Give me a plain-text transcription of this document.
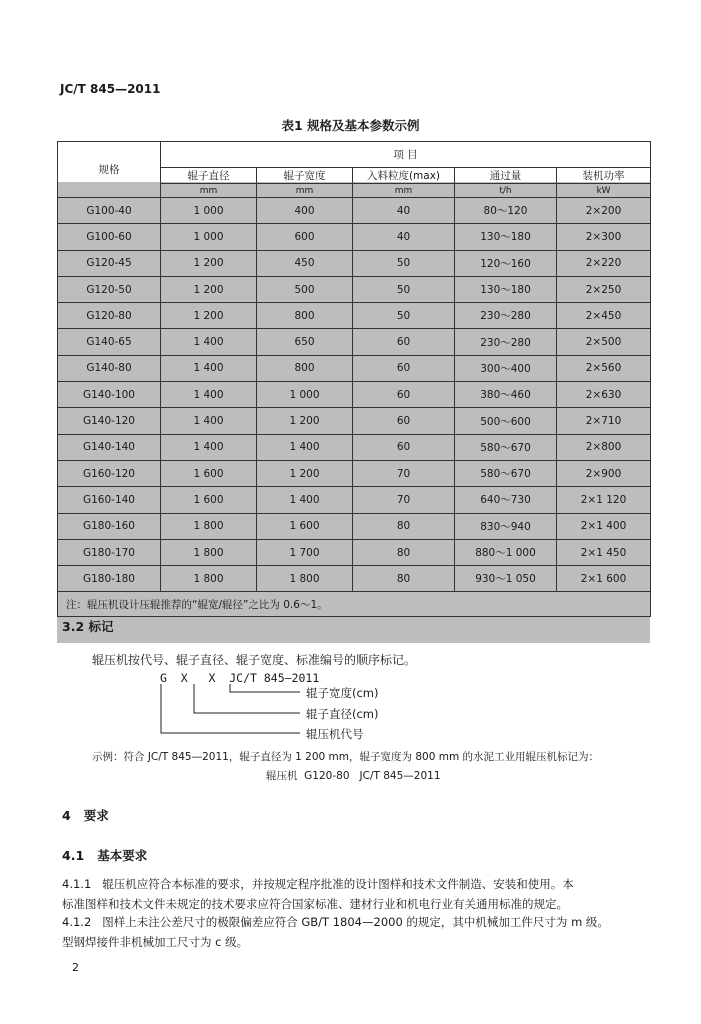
JC/T 845—2011
表1 规格及基本参数示例
规格	项 目				
	辊子直径	辊子宽度	入料粒度(max)	通过量	装机功率
	mm	mm	mm	t/h	kW
G100-40	1 000	400	40	80～120	2×200
G100-60	1 000	600	40	130～180	2×300
G120-45	1 200	450	50	120～160	2×220
G120-50	1 200	500	50	130～180	2×250
G120-80	1 200	800	50	230～280	2×450
G140-65	1 400	650	60	230～280	2×500
G140-80	1 400	800	60	300～400	2×560
G140-100	1 400	1 000	60	380～460	2×630
G140-120	1 400	1 200	60	500～600	2×710
G140-140	1 400	1 400	60	580～670	2×800
G160-120	1 600	1 200	70	580～670	2×900
G160-140	1 600	1 400	70	640～730	2×1 120
G180-160	1 800	1 600	80	830～940	2×1 400
G180-170	1 800	1 700	80	880～1 000	2×1 450
G180-180	1 800	1 800	80	930～1 050	2×1 600
注：辊压机设计压辊推荐的“辊宽/辊径”之比为 0.6～1。					
3.2 标记
辊压机按代号、辊子直径、辊子宽度、标准编号的顺序标记。
G  X   X  JC/T 845—2011
辊子宽度(cm)
辊子直径(cm)
辊压机代号
示例：符合 JC/T 845—2011，辊子直径为 1 200 mm，辊子宽度为 800 mm 的水泥工业用辊压机标记为：
辊压机  G120-80   JC/T 845—2011
4   要求
4.1   基本要求
4.1.1   辊压机应符合本标准的要求，并按规定程序批准的设计图样和技术文件制造、安装和使用。本
标准图样和技术文件未规定的技术要求应符合国家标准、建材行业和机电行业有关通用标准的规定。
4.1.2   图样上未注公差尺寸的极限偏差应符合 GB/T 1804—2000 的规定，其中机械加工件尺寸为 m 级。
型钢焊接件非机械加工尺寸为 c 级。
2
